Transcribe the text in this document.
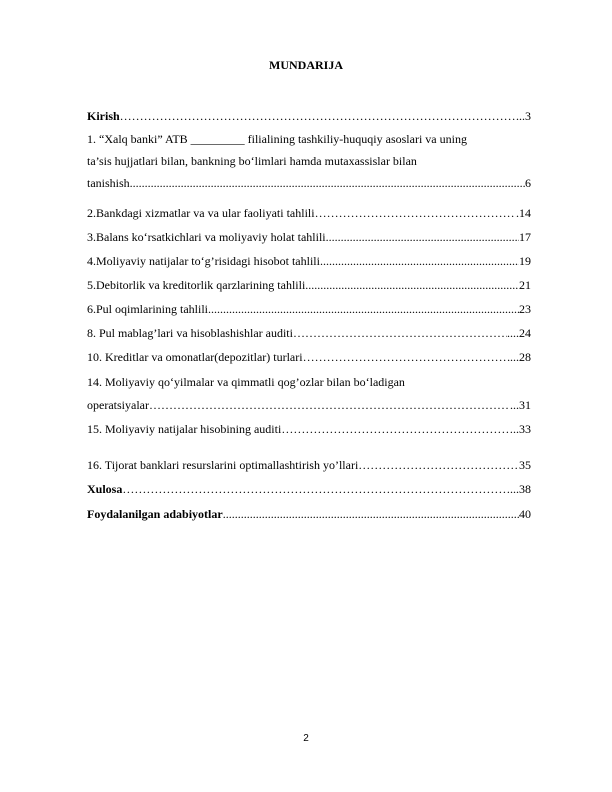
MUNDARIJA
Kirish …………………………………………………………………………………………………………………………………………………………………………………	...3
1. “Xalq banki” ATB _________ filialining tashkiliy-huquqiy asoslari va uning
ta’sis hujjatlari bilan, bankning bo‘limlari hamda mutaxassislar bilan
tanishish .....	6
2.Bankdagi xizmatlar va va ular faoliyati tahlili …………………………………………………………………………………………………………………………………………………………………………………	.14
3.Balans ko‘rsatkichlari va moliyaviy holat tahlili .....	17
4.Moliyaviy natijalar to‘g’risidagi hisobot tahlili .....	19
5.Debitorlik va kreditorlik qarzlarining tahlili .....	21
6.Pul oqimlarining tahlili .....	23
8. Pul mablag’lari va hisoblashishlar auditi …………………………………………………………………………………………………………………………………………………………………………………	....24
10. Kreditlar va omonatlar(depozitlar) turlari …………………………………………………………………………………………………………………………………………………………………………………	...28
14. Moliyaviy qo‘yilmalar va qimmatli qog’ozlar bilan bo‘ladigan
operatsiyalar …………………………………………………………………………………………………………………………………………………………………………………	...31
15. Moliyaviy natijalar hisobining auditi …………………………………………………………………………………………………………………………………………………………………………………	..33
16. Tijorat banklari resurslarini optimallashtirish yo’llari …………………………………………………………………………………………………………………………………………………………………………………	35
Xulosa …………………………………………………………………………………………………………………………………………………………………………………	...38
Foydalanilgan adabiyotlar .....	40
2
